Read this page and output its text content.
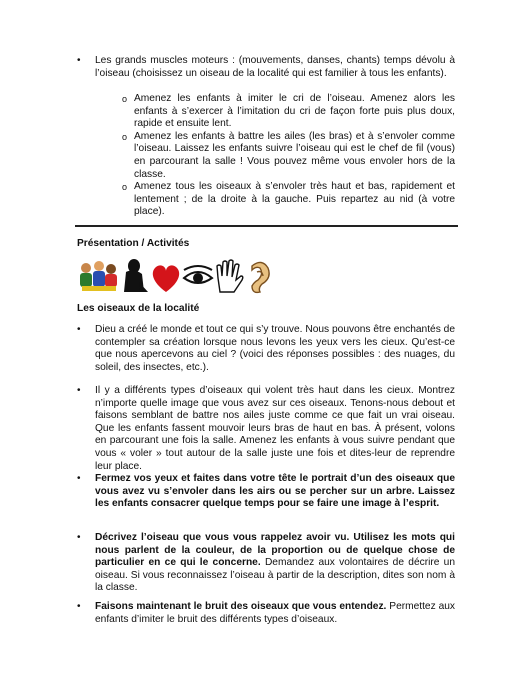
• Les grands muscles moteurs : (mouvements, danses, chants) temps dévolu à l’oiseau (choisissez un oiseau de la localité qui est familier à tous les enfants).
o Amenez les enfants à imiter le cri de l’oiseau. Amenez alors les enfants à s’exercer à l’imitation du cri de façon forte puis plus doux, rapide et ensuite lent.
o Amenez les enfants à battre les ailes (les bras) et à s’envoler comme l’oiseau. Laissez les enfants suivre l’oiseau qui est le chef de fil (vous) en parcourant la salle ! Vous pouvez même vous envoler hors de la classe.
o Amenez tous les oiseaux à s’envoler très haut et bas, rapidement et lentement ; de la droite à la gauche. Puis repartez au nid (à votre place).
Présentation / Activités
Les oiseaux de la localité
• Dieu a créé le monde et tout ce qui s’y trouve. Nous pouvons être enchantés de contempler sa création lorsque nous levons les yeux vers les cieux. Qu’est-ce que nous apercevons au ciel ? (voici des réponses possibles : des nuages, du soleil, des insectes, etc.).
• Il y a différents types d’oiseaux qui volent très haut dans les cieux. Montrez n’importe quelle image que vous avez sur ces oiseaux. Tenons-nous debout et faisons semblant de battre nos ailes juste comme ce que fait un vrai oiseau. Que les enfants fassent mouvoir leurs bras de haut en bas. À présent, volons en parcourant une fois la salle. Amenez les enfants à vous suivre pendant que vous « voler » tout autour de la salle juste une fois et dites-leur de reprendre leur place.
• Fermez vos yeux et faites dans votre tête le portrait d’un des oiseaux que vous avez vu s’envoler dans les airs ou se percher sur un arbre. Laissez les enfants consacrer quelque temps pour se faire une image à l’esprit.
• Décrivez l’oiseau que vous vous rappelez avoir vu. Utilisez les mots qui nous parlent de la couleur, de la proportion ou de quelque chose de particulier en ce qui le concerne. Demandez aux volontaires de décrire un oiseau. Si vous reconnaissez l’oiseau à partir de la description, dites son nom à la classe.
• Faisons maintenant le bruit des oiseaux que vous entendez. Permettez aux enfants d’imiter le bruit des différents types d’oiseaux.
